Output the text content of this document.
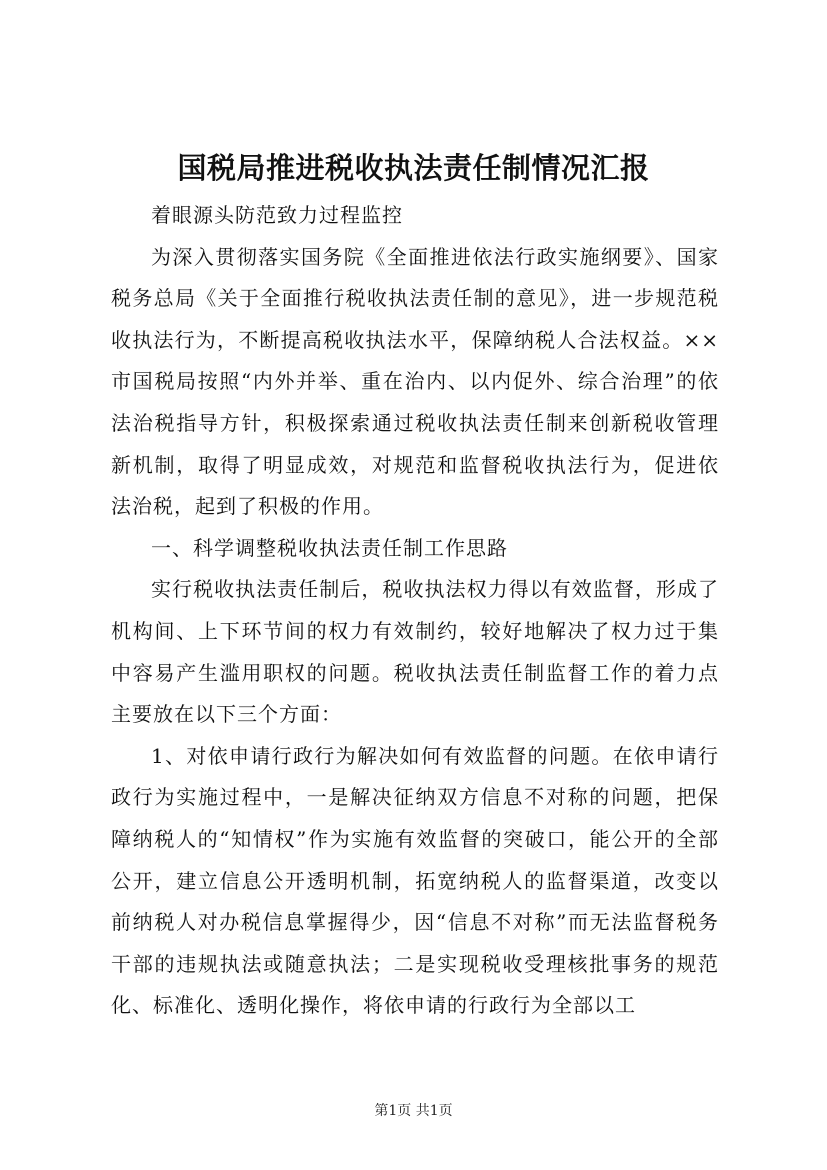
国税局推进税收执法责任制情况汇报

着眼源头防范致力过程监控

为深入贯彻落实国务院《全面推进依法行政实施纲要》、国家税务总局《关于全面推行税收执法责任制的意见》，进一步规范税收执法行为，不断提高税收执法水平，保障纳税人合法权益。××市国税局按照“内外并举、重在治内、以内促外、综合治理”的依法治税指导方针，积极探索通过税收执法责任制来创新税收管理新机制，取得了明显成效，对规范和监督税收执法行为，促进依法治税，起到了积极的作用。

一、科学调整税收执法责任制工作思路

实行税收执法责任制后，税收执法权力得以有效监督，形成了机构间、上下环节间的权力有效制约，较好地解决了权力过于集中容易产生滥用职权的问题。税收执法责任制监督工作的着力点主要放在以下三个方面：

1、对依申请行政行为解决如何有效监督的问题。在依申请行政行为实施过程中，一是解决征纳双方信息不对称的问题，把保障纳税人的“知情权”作为实施有效监督的突破口，能公开的全部公开，建立信息公开透明机制，拓宽纳税人的监督渠道，改变以前纳税人对办税信息掌握得少，因“信息不对称”而无法监督税务干部的违规执法或随意执法；二是实现税收受理核批事务的规范化、标准化、透明化操作，将依申请的行政行为全部以工

第1页 共1页
